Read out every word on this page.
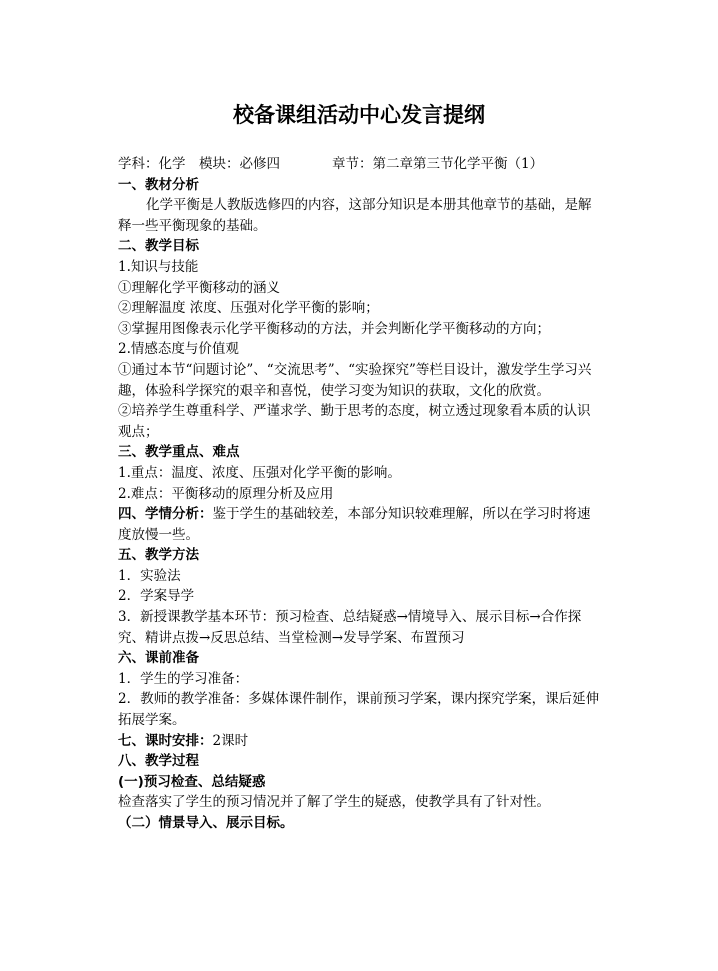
校备课组活动中心发言提纲
学科：化学  模块：必修四	章节：第二章第三节化学平衡（1）
一、教材分析
化学平衡是人教版选修四的内容，这部分知识是本册其他章节的基础，是解释一些平衡现象的基础。
二、教学目标
1.知识与技能
①理解化学平衡移动的涵义
②理解温度 浓度、压强对化学平衡的影响；
③掌握用图像表示化学平衡移动的方法，并会判断化学平衡移动的方向；
2.情感态度与价值观
①通过本节“问题讨论”、“交流思考”、“实验探究”等栏目设计，激发学生学习兴趣，体验科学探究的艰辛和喜悦，使学习变为知识的获取，文化的欣赏。
②培养学生尊重科学、严谨求学、勤于思考的态度，树立透过现象看本质的认识观点；
三、教学重点、难点
1.重点：温度、浓度、压强对化学平衡的影响。
2.难点：平衡移动的原理分析及应用
四、学情分析：鉴于学生的基础较差，本部分知识较难理解，所以在学习时将速度放慢一些。
五、教学方法
1．实验法
2．学案导学
3．新授课教学基本环节：预习检查、总结疑惑→情境导入、展示目标→合作探究、精讲点拨→反思总结、当堂检测→发导学案、布置预习
六、课前准备
1．学生的学习准备：
2．教师的教学准备：多媒体课件制作，课前预习学案，课内探究学案，课后延伸拓展学案。
七、课时安排：2课时
八、教学过程
(一)预习检查、总结疑惑
检查落实了学生的预习情况并了解了学生的疑惑，使教学具有了针对性。
（二）情景导入、展示目标。
